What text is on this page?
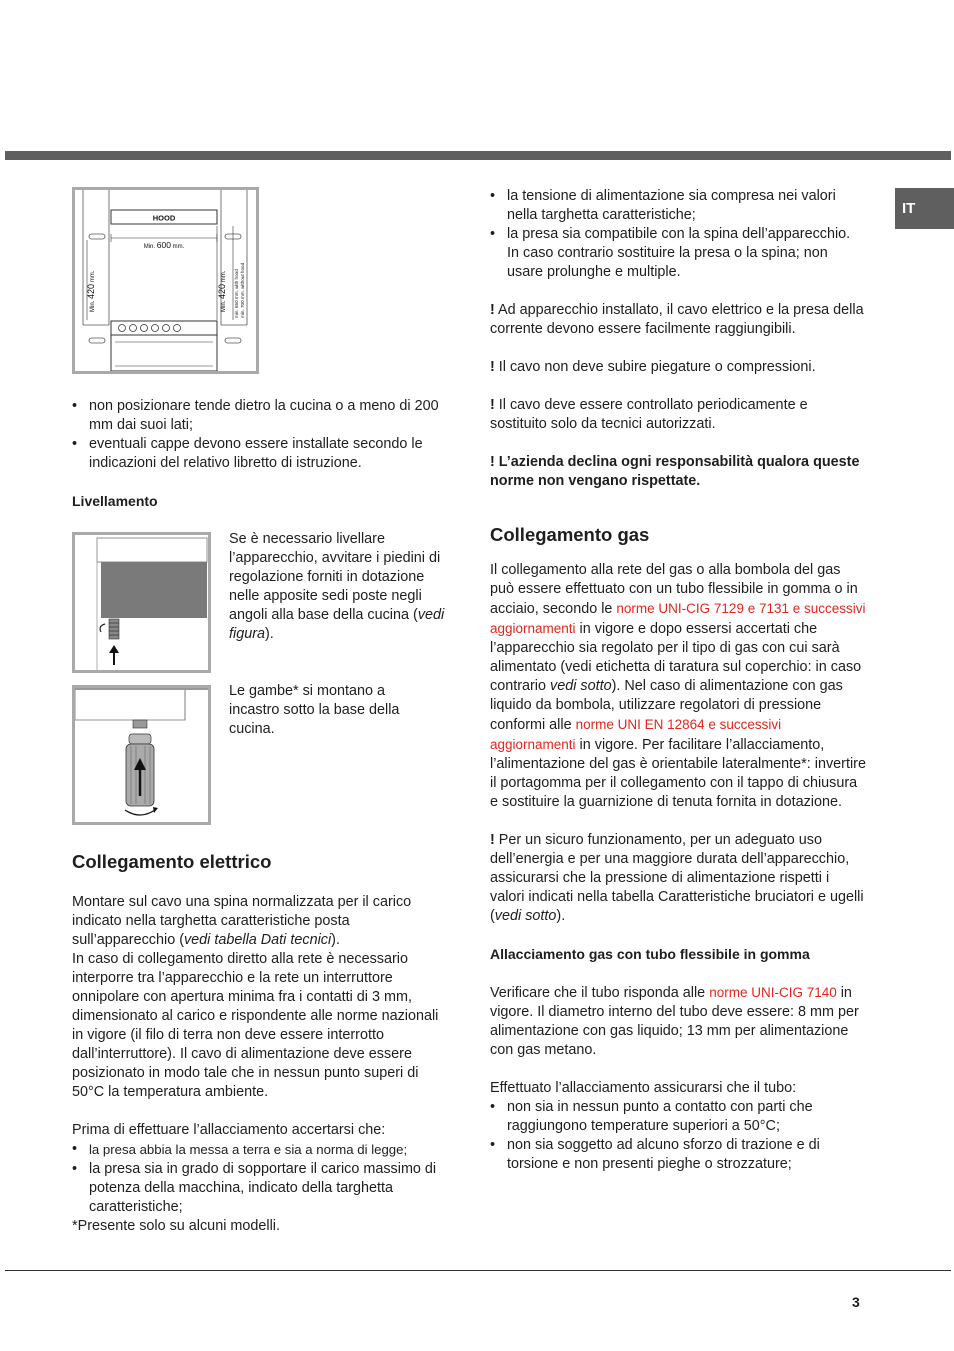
IT
HOOD
Min. 600 mm.
Min. 420 mm.
Min. 420 mm. min. 650 mm. with hood min. 700 mm. without hood
• non posizionare tende dietro la cucina o a meno di 200 mm dai suoi lati;
• eventuali cappe devono essere installate secondo le indicazioni del relativo libretto di istruzione.
Livellamento

Se è necessario livellare l’apparecchio, avvitare i piedini di regolazione forniti in dotazione nelle apposite sedi poste negli angoli alla base della cucina (vedi figura).

Le gambe* si montano a incastro sotto la base della cucina.

Collegamento elettrico

Montare sul cavo una spina normalizzata per il carico indicato nella targhetta caratteristiche posta sull’apparecchio (vedi tabella Dati tecnici).

In caso di collegamento diretto alla rete è necessario interporre tra l’apparecchio e la rete un interruttore onnipolare con apertura minima fra i contatti di 3 mm, dimensionato al carico e rispondente alle norme nazionali in vigore (il filo di terra non deve essere interrotto dall’interruttore). Il cavo di alimentazione deve essere posizionato in modo tale che in nessun punto superi di 50°C la temperatura ambiente.

Prima di effettuare l’allacciamento accertarsi che:

• la presa abbia la messa a terra e sia a norma di legge;
• la presa sia in grado di sopportare il carico massimo di potenza della macchina, indicato della targhetta caratteristiche;

*Presente solo su alcuni modelli.

• la tensione di alimentazione sia compresa nei valori nella targhetta caratteristiche;
• la presa sia compatibile con la spina dell’apparecchio. In caso contrario sostituire la presa o la spina; non usare prolunghe e multiple.

! Ad apparecchio installato, il cavo elettrico e la presa della corrente devono essere facilmente raggiungibili.

! Il cavo non deve subire piegature o compressioni.

! Il cavo deve essere controllato periodicamente e sostituito solo da tecnici autorizzati.

! L’azienda declina ogni responsabilità qualora queste norme non vengano rispettate.

Collegamento gas

Il collegamento alla rete del gas o alla bombola del gas può essere effettuato con un tubo flessibile in gomma o in acciaio, secondo le norme UNI-CIG 7129 e 7131 e successivi aggiornamenti in vigore e dopo essersi accertati che l’apparecchio sia regolato per il tipo di gas con cui sarà alimentato (vedi etichetta di taratura sul coperchio: in caso contrario vedi sotto). Nel caso di alimentazione con gas liquido da bombola, utilizzare regolatori di pressione conformi alle norme UNI EN 12864 e successivi aggiornamenti in vigore. Per facilitare l’allacciamento, l’alimentazione del gas è orientabile lateralmente*: invertire il portagomma per il collegamento con il tappo di chiusura e sostituire la guarnizione di tenuta fornita in dotazione.

! Per un sicuro funzionamento, per un adeguato uso dell’energia e per una maggiore durata dell’apparecchio, assicurarsi che la pressione di alimentazione rispetti i valori indicati nella tabella Caratteristiche bruciatori e ugelli (vedi sotto).

Allacciamento gas con tubo flessibile in gomma

Verificare che il tubo risponda alle norme UNI-CIG 7140 in vigore. Il diametro interno del tubo deve essere: 8 mm per alimentazione con gas liquido; 13 mm per alimentazione con gas metano.

Effettuato l’allacciamento assicurarsi che il tubo:

• non sia in nessun punto a contatto con parti che raggiungono temperature superiori a 50°C;
• non sia soggetto ad alcuno sforzo di trazione e di torsione e non presenti pieghe o strozzature;
3
